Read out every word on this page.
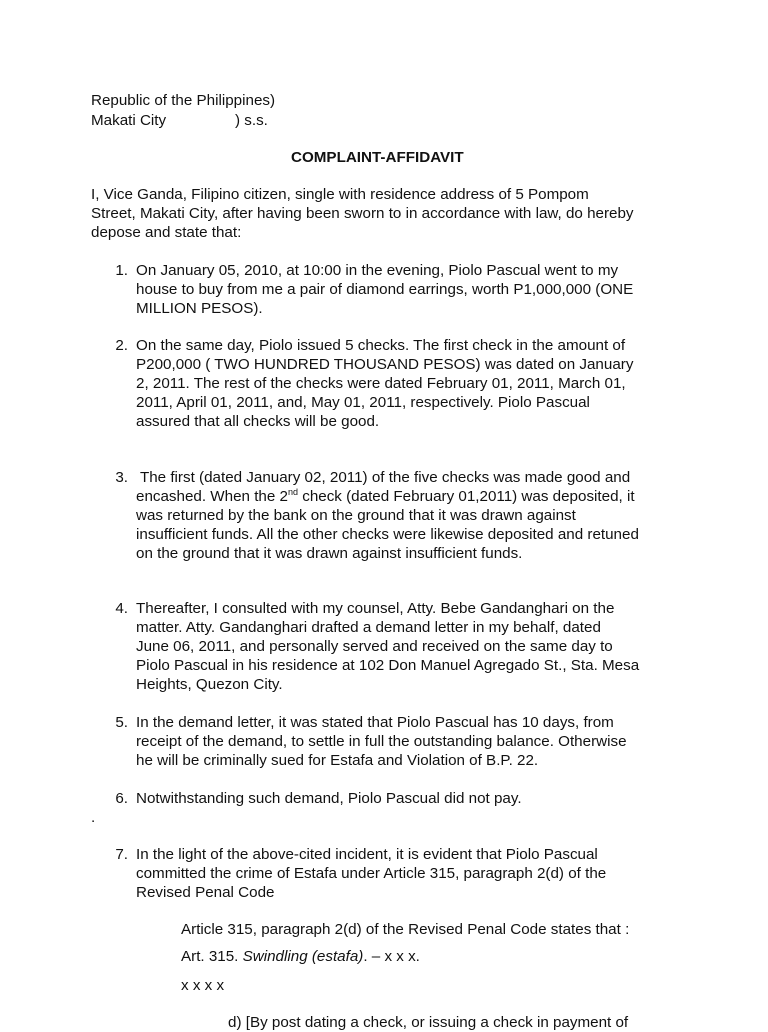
Republic of the Philippines)
Makati City	) s.s.
COMPLAINT-AFFIDAVIT
I, Vice Ganda, Filipino citizen, single with residence address of 5 Pompom
Street, Makati City, after having been sworn to in accordance with law, do hereby
depose and state that:
1. On January 05, 2010, at 10:00 in the evening, Piolo Pascual went to my
house to buy from me a pair of diamond earrings, worth P1,000,000 (ONE
MILLION PESOS).
2. On the same day, Piolo issued 5 checks. The first check in the amount of
P200,000 ( TWO HUNDRED THOUSAND PESOS) was dated on January
2, 2011. The rest of the checks were dated February 01, 2011, March 01,
2011, April 01, 2011, and, May 01, 2011, respectively. Piolo Pascual
assured that all checks will be good.
3. The first (dated January 02, 2011) of the five checks was made good and
encashed. When the 2nd check (dated February 01,2011) was deposited, it
was returned by the bank on the ground that it was drawn against
insufficient funds. All the other checks were likewise deposited and retuned
on the ground that it was drawn against insufficient funds.
4. Thereafter, I consulted with my counsel, Atty. Bebe Gandanghari on the
matter. Atty. Gandanghari drafted a demand letter in my behalf, dated
June 06, 2011, and personally served and received on the same day to
Piolo Pascual in his residence at 102 Don Manuel Agregado St., Sta. Mesa
Heights, Quezon City.
5. In the demand letter, it was stated that Piolo Pascual has 10 days, from
receipt of the demand, to settle in full the outstanding balance. Otherwise
he will be criminally sued for Estafa and Violation of B.P. 22.
6. Notwithstanding such demand, Piolo Pascual did not pay.
.
7. In the light of the above-cited incident, it is evident that Piolo Pascual
committed the crime of Estafa under Article 315, paragraph 2(d) of the
Revised Penal Code
Article 315, paragraph 2(d) of the Revised Penal Code states that :
Art. 315. Swindling (estafa). – x x x.
x x x x
d) [By post dating a check, or issuing a check in payment of
